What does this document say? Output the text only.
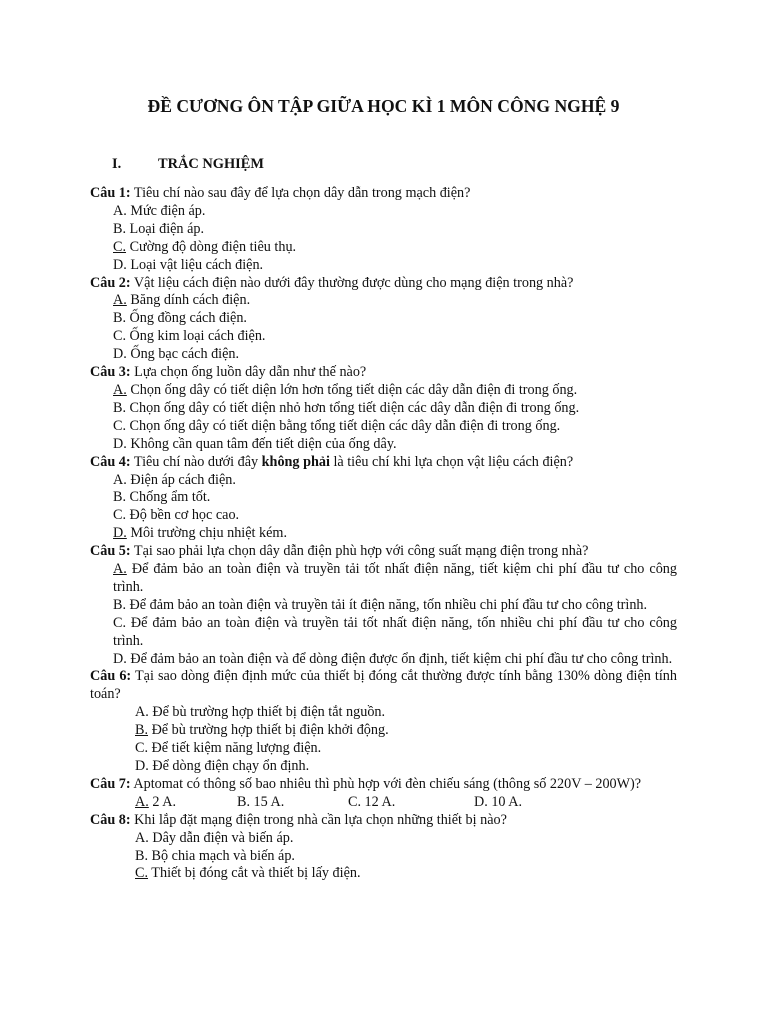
ĐỀ CƯƠNG ÔN TẬP GIỮA HỌC KÌ 1 MÔN CÔNG NGHỆ 9
I.	TRẮC NGHIỆM
Câu 1: Tiêu chí nào sau đây để lựa chọn dây dẫn trong mạch điện?
A. Mức điện áp.
B. Loại điện áp.
C. Cường độ dòng điện tiêu thụ.
D. Loại vật liệu cách điện.
Câu 2: Vật liệu cách điện nào dưới đây thường được dùng cho mạng điện trong nhà?
A. Băng dính cách điện.
B. Ống đồng cách điện.
C. Ống kim loại cách điện.
D. Ống bạc cách điện.
Câu 3: Lựa chọn ống luồn dây dẫn như thế nào?
A. Chọn ống dây có tiết diện lớn hơn tổng tiết diện các dây dẫn điện đi trong ống.
B. Chọn ống dây có tiết diện nhỏ hơn tổng tiết diện các dây dẫn điện đi trong ống.
C. Chọn ống dây có tiết diện bằng tổng tiết diện các dây dẫn điện đi trong ống.
D. Không cần quan tâm đến tiết diện của ống dây.
Câu 4: Tiêu chí nào dưới đây không phải là tiêu chí khi lựa chọn vật liệu cách điện?
A. Điện áp cách điện.
B. Chống ẩm tốt.
C. Độ bền cơ học cao.
D. Môi trường chịu nhiệt kém.
Câu 5: Tại sao phải lựa chọn dây dẫn điện phù hợp với công suất mạng điện trong nhà?
A. Để đảm bảo an toàn điện và truyền tải tốt nhất điện năng, tiết kiệm chi phí đầu tư cho công trình.
B. Để đảm bảo an toàn điện và truyền tải ít điện năng, tốn nhiều chi phí đầu tư cho công trình.
C. Để đảm bảo an toàn điện và truyền tải tốt nhất điện năng, tốn nhiều chi phí đầu tư cho công trình.
D. Để đảm bảo an toàn điện và để dòng điện được ổn định, tiết kiệm chi phí đầu tư cho công trình.
Câu 6: Tại sao dòng điện định mức của thiết bị đóng cắt thường được tính bằng 130% dòng điện tính toán?
A. Để bù trường hợp thiết bị điện tắt nguồn.
B. Để bù trường hợp thiết bị điện khởi động.
C. Để tiết kiệm năng lượng điện.
D. Để dòng điện chạy ổn định.
Câu 7: Aptomat có thông số bao nhiêu thì phù hợp với đèn chiếu sáng (thông số 220V – 200W)?
A. 2 A.	B. 15 A.	C. 12 A.	D. 10 A.
Câu 8: Khi lắp đặt mạng điện trong nhà cần lựa chọn những thiết bị nào?
A. Dây dẫn điện và biến áp.
B. Bộ chia mạch và biến áp.
C. Thiết bị đóng cắt và thiết bị lấy điện.
